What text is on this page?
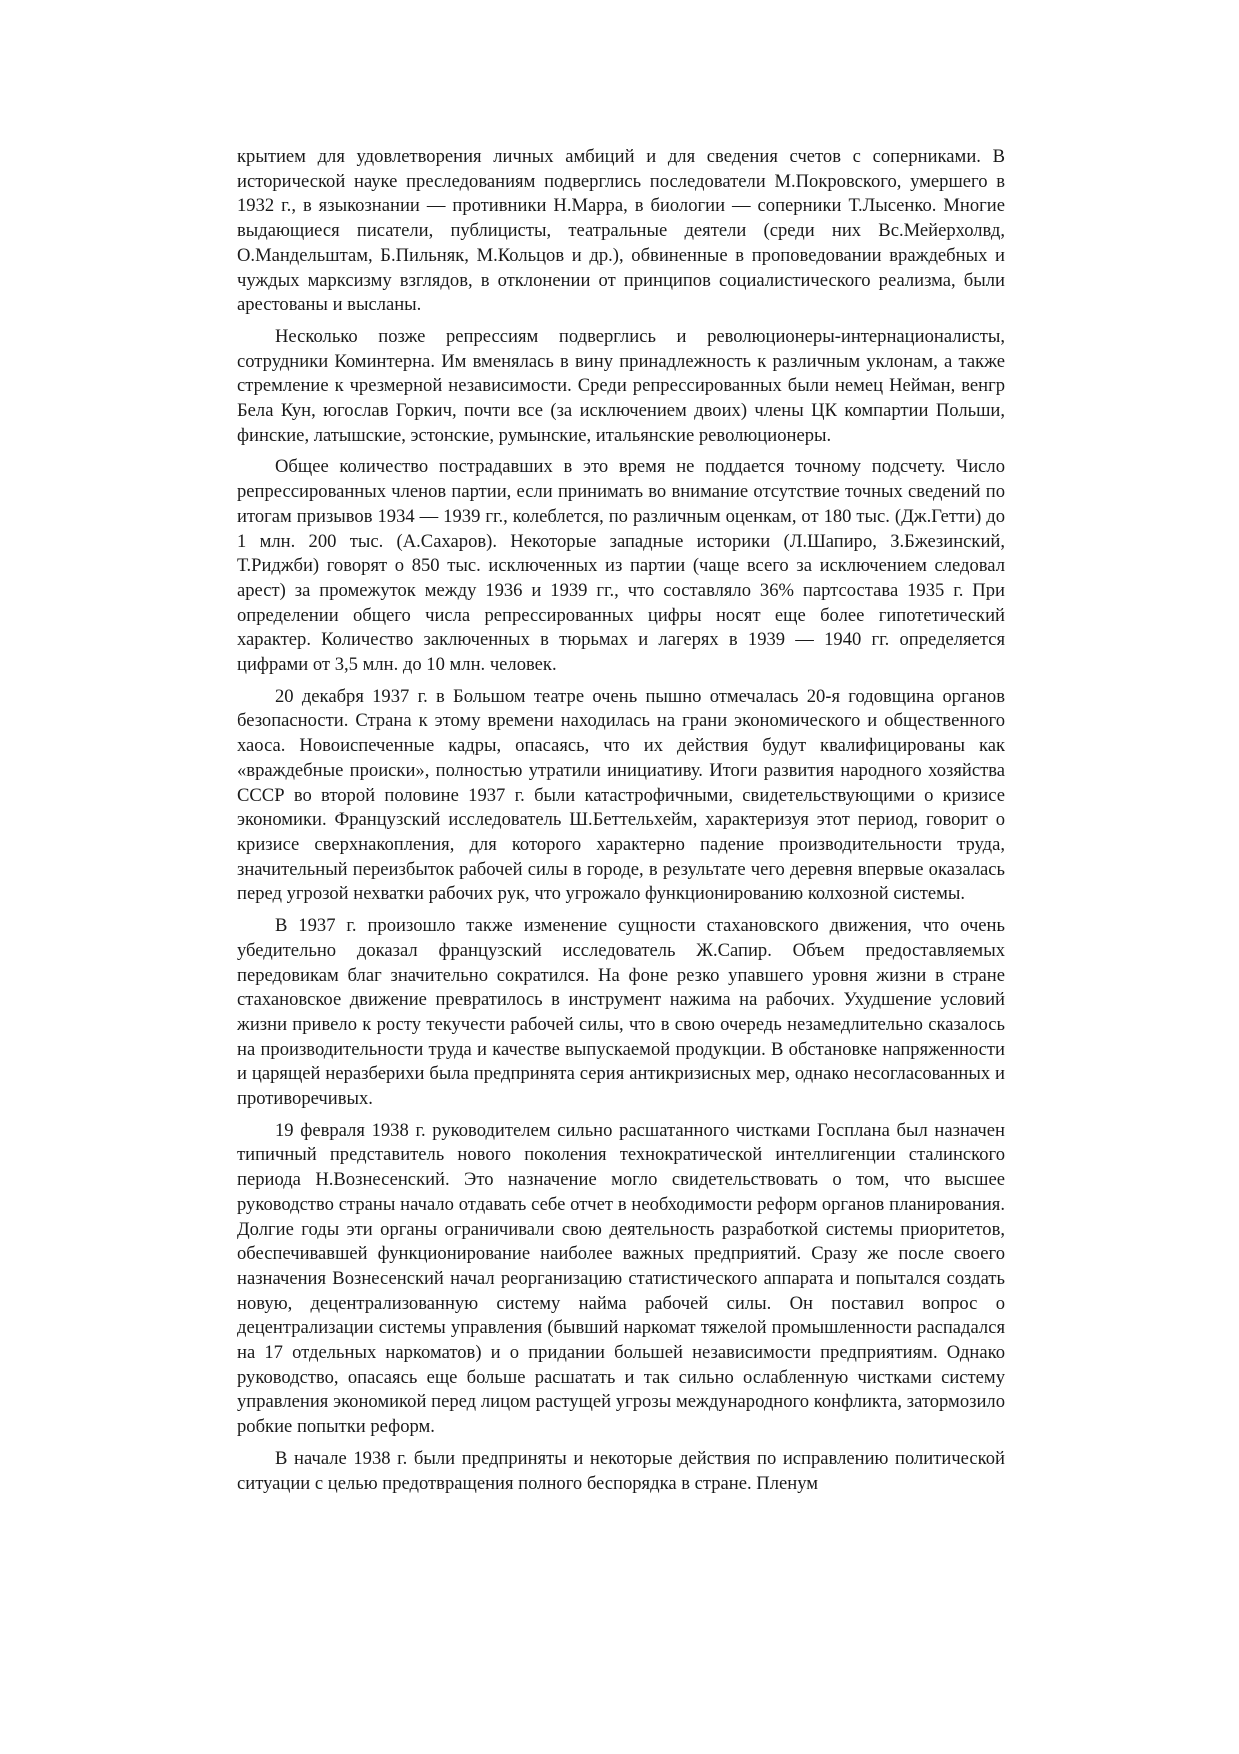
крытием для удовлетворения личных амбиций и для сведения счетов с соперниками. В исторической науке преследованиям подверглись последователи М.Покровского, умершего в 1932 г., в языкознании — противники Н.Марра, в биологии — соперники Т.Лысенко. Многие выдающиеся писатели, публицисты, театральные деятели (среди них Вс.Мейерхолвд, О.Мандельштам, Б.Пильняк, М.Кольцов и др.), обвиненные в проповедовании враждебных и чуждых марксизму взглядов, в отклонении от принципов социалистического реализма, были арестованы и высланы.

Несколько позже репрессиям подверглись и революционеры-интернационалисты, сотрудники Коминтерна. Им вменялась в вину принадлежность к различным уклонам, а также стремление к чрезмерной независимости. Среди репрессированных были немец Нейман, венгр Бела Кун, югослав Горкич, почти все (за исключением двоих) члены ЦК компартии Польши, финские, латышские, эстонские, румынские, итальянские революционеры.

Общее количество пострадавших в это время не поддается точному подсчету. Число репрессированных членов партии, если принимать во внимание отсутствие точных сведений по итогам призывов 1934 — 1939 гг., колеблется, по различным оценкам, от 180 тыс. (Дж.Гетти) до 1 млн. 200 тыс. (А.Сахаров). Некоторые западные историки (Л.Шапиро, З.Бжезинский, Т.Риджби) говорят о 850 тыс. исключенных из партии (чаще всего за исключением следовал арест) за промежуток между 1936 и 1939 гг., что составляло 36% партсостава 1935 г. При определении общего числа репрессированных цифры носят еще более гипотетический характер. Количество заключенных в тюрьмах и лагерях в 1939 — 1940 гг. определяется цифрами от 3,5 млн. до 10 млн. человек.

20 декабря 1937 г. в Большом театре очень пышно отмечалась 20-я годовщина органов безопасности. Страна к этому времени находилась на грани экономического и общественного хаоса. Новоиспеченные кадры, опасаясь, что их действия будут квалифицированы как «враждебные происки», полностью утратили инициативу. Итоги развития народного хозяйства СССР во второй половине 1937 г. были катастрофичными, свидетельствующими о кризисе экономики. Французский исследователь Ш.Беттельхейм, характеризуя этот период, говорит о кризисе сверхнакопления, для которого характерно падение производительности труда, значительный переизбыток рабочей силы в городе, в результате чего деревня впервые оказалась перед угрозой нехватки рабочих рук, что угрожало функционированию колхозной системы.

В 1937 г. произошло также изменение сущности стахановского движения, что очень убедительно доказал французский исследователь Ж.Сапир. Объем предоставляемых передовикам благ значительно сократился. На фоне резко упавшего уровня жизни в стране стахановское движение превратилось в инструмент нажима на рабочих. Ухудшение условий жизни привело к росту текучести рабочей силы, что в свою очередь незамедлительно сказалось на производительности труда и качестве выпускаемой продукции. В обстановке напряженности и царящей неразберихи была предпринята серия антикризисных мер, однако несогласованных и противоречивых.

19 февраля 1938 г. руководителем сильно расшатанного чистками Госплана был назначен типичный представитель нового поколения технократической интеллигенции сталинского периода Н.Вознесенский. Это назначение могло свидетельствовать о том, что высшее руководство страны начало отдавать себе отчет в необходимости реформ органов планирования. Долгие годы эти органы ограничивали свою деятельность разработкой системы приоритетов, обеспечивавшей функционирование наиболее важных предприятий. Сразу же после своего назначения Вознесенский начал реорганизацию статистического аппарата и попытался создать новую, децентрализованную систему найма рабочей силы. Он поставил вопрос о децентрализации системы управления (бывший наркомат тяжелой промышленности распадался на 17 отдельных наркоматов) и о придании большей независимости предприятиям. Однако руководство, опасаясь еще больше расшатать и так сильно ослабленную чистками систему управления экономикой перед лицом растущей угрозы международного конфликта, затормозило робкие попытки реформ.

В начале 1938 г. были предприняты и некоторые действия по исправлению политической ситуации с целью предотвращения полного беспорядка в стране. Пленум
